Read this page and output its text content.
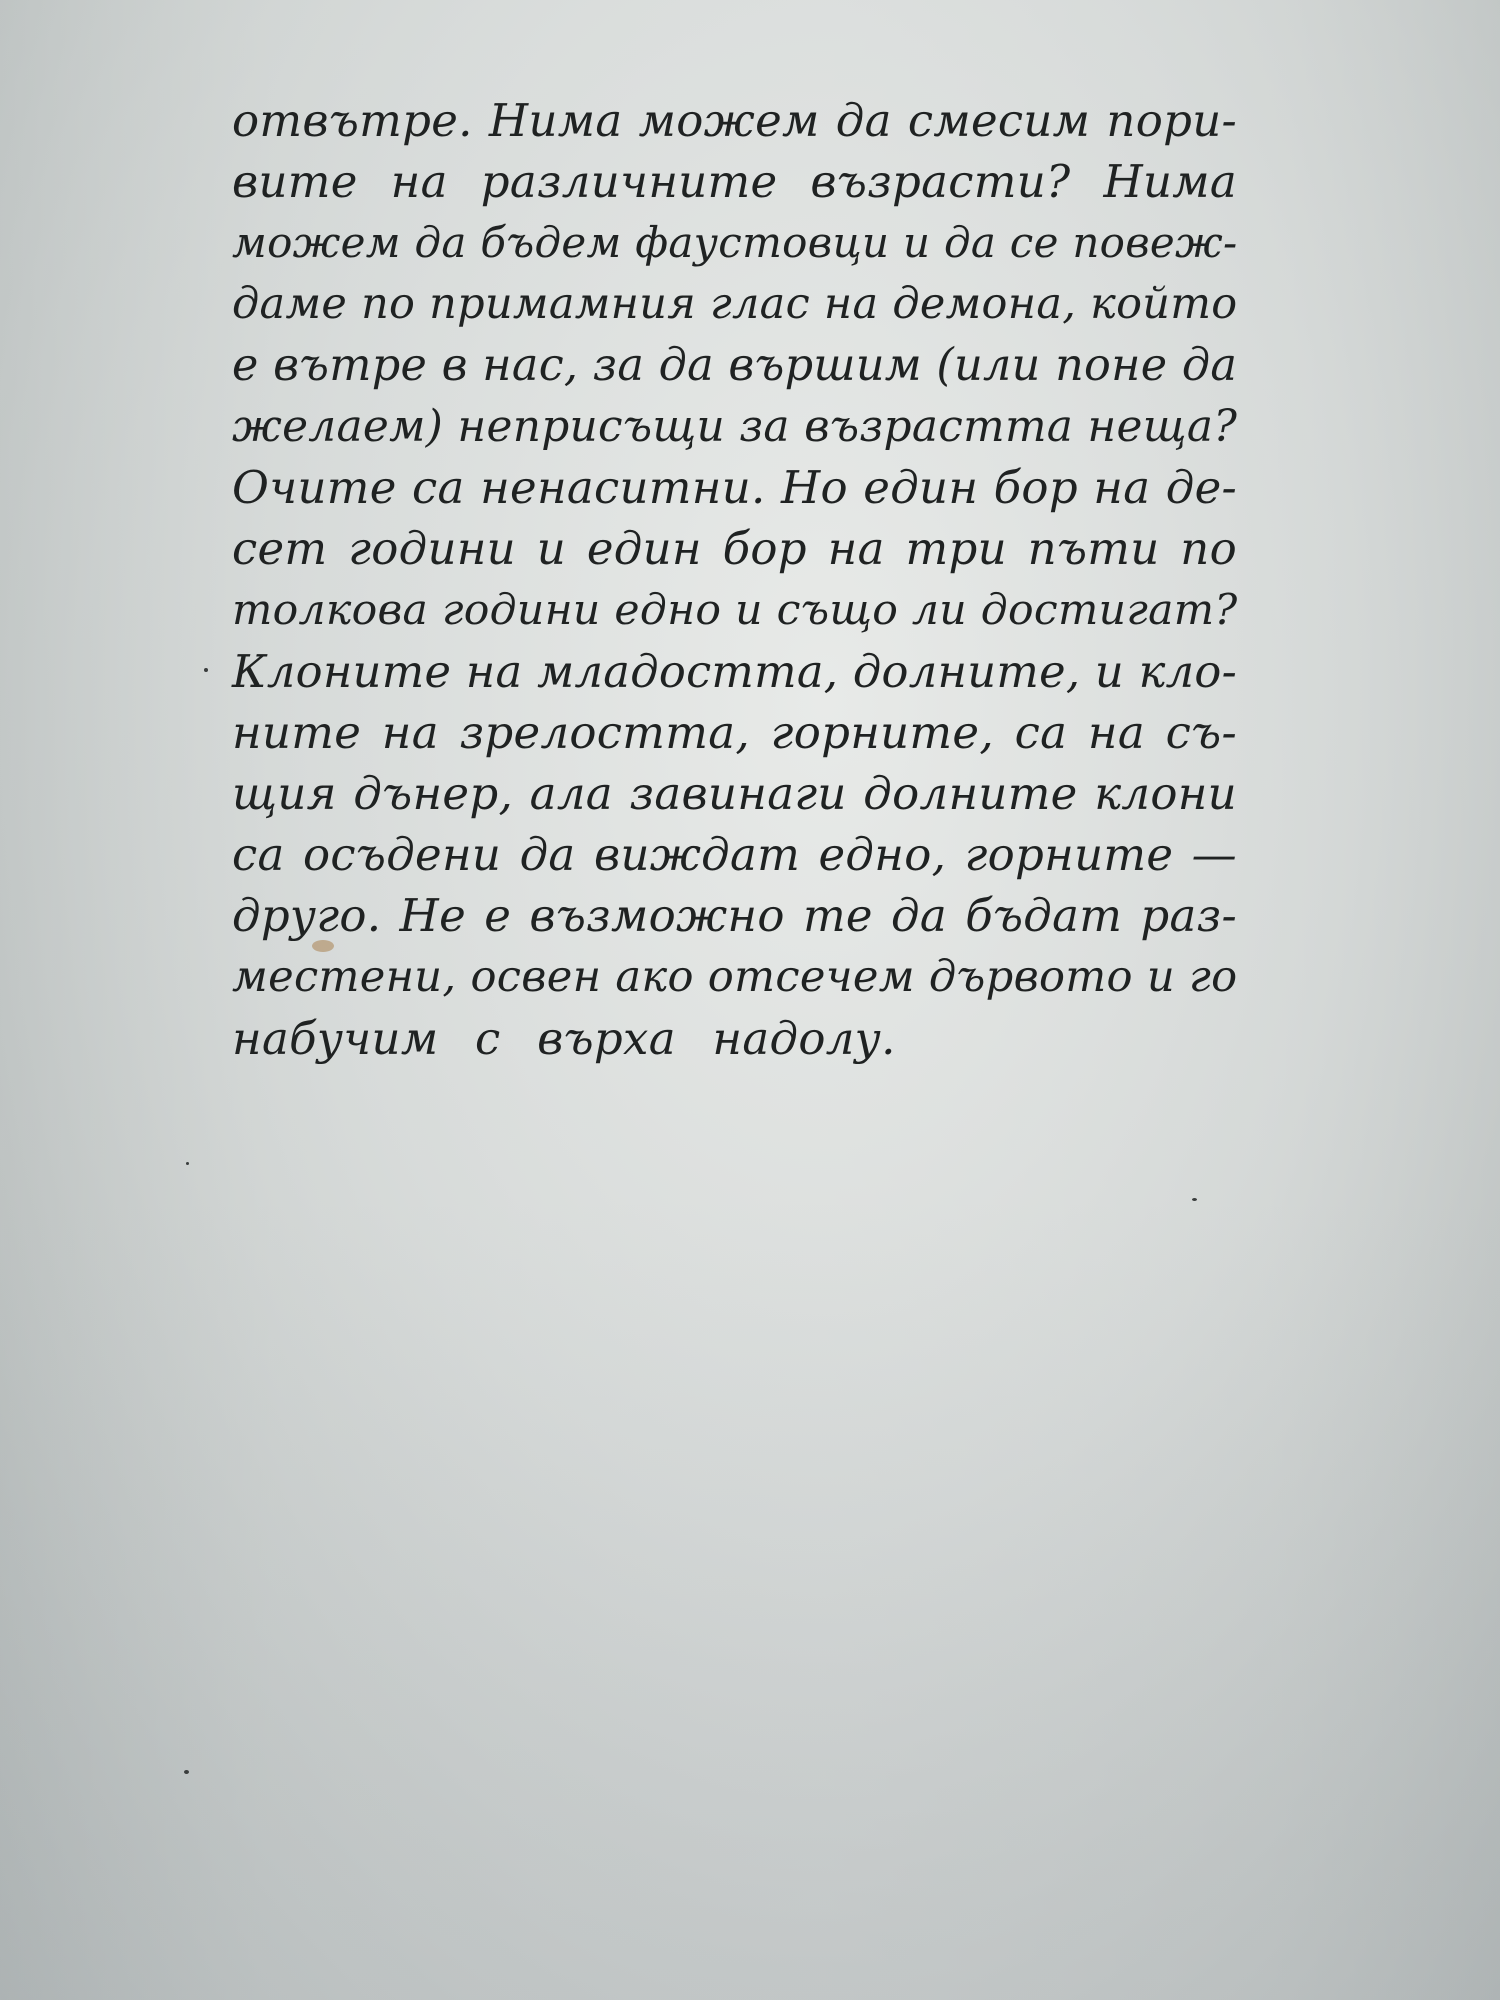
отвътре. Нима можем да смесим пори-
вите на различните възрасти? Нима
можем да бъдем фаустовци и да се повеж-
даме по примамния глас на демона, който
е вътре в нас, за да вършим (или поне да
желаем) неприсъщи за възрастта неща?
Очите са ненаситни. Но един бор на де-
сет години и един бор на три пъти по
толкова години едно и също ли достигат?
Клоните на младостта, долните, и кло-
ните на зрелостта, горните, са на съ-
щия дънер, ала завинаги долните клони
са осъдени да виждат едно, горните —
друго. Не е възможно те да бъдат раз-
местени, освен ако отсечем дървото и го
набучим с върха надолу.
